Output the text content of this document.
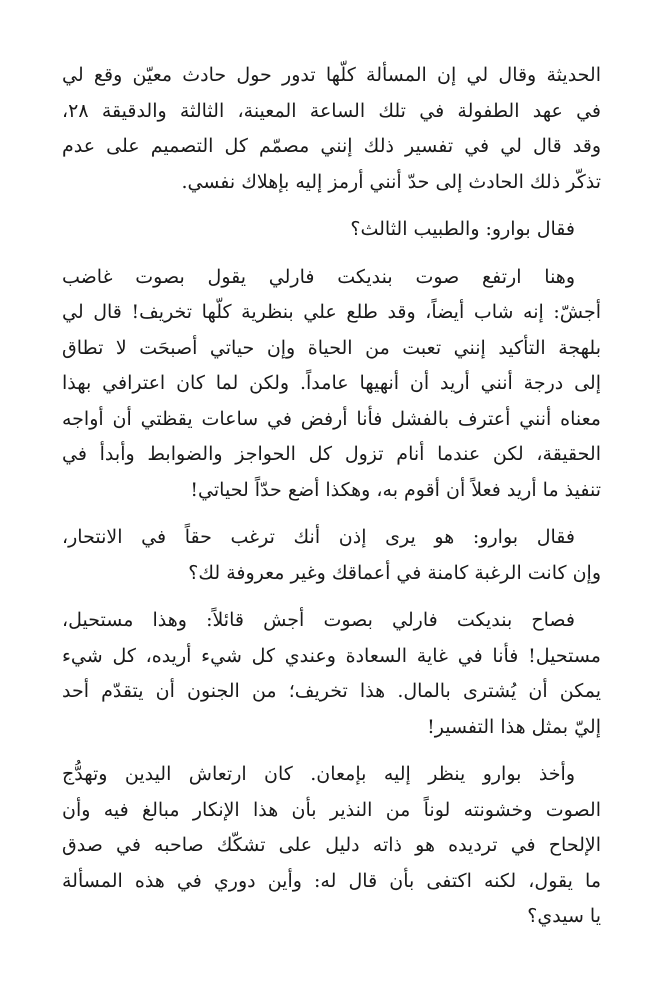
الحديثة وقال لي إن المسألة كلّها تدور حول حادث معيّن وقع لي
في عهد الطفولة في تلك الساعة المعينة، الثالثة والدقيقة ٢٨،
وقد قال لي في تفسير ذلك إنني مصمّم كل التصميم على عدم
تذكّر ذلك الحادث إلى حدّ أنني أرمز إليه بإهلاك نفسي.
فقال بوارو: والطبيب الثالث؟
وهنا ارتفع صوت بنديكت فارلي يقول بصوت غاضب
أجشّ: إنه شاب أيضاً، وقد طلع علي بنظرية كلّها تخريف! قال لي
بلهجة التأكيد إنني تعبت من الحياة وإن حياتي أصبحَت لا تطاق
إلى درجة أنني أريد أن أنهيها عامداً. ولكن لما كان اعترافي بهذا
معناه أنني أعترف بالفشل فأنا أرفض في ساعات يقظتي أن أواجه
الحقيقة، لكن عندما أنام تزول كل الحواجز والضوابط وأبدأ في
تنفيذ ما أريد فعلاً أن أقوم به، وهكذا أضع حدّاً لحياتي!
فقال بوارو: هو يرى إذن أنك ترغب حقاً في الانتحار،
وإن كانت الرغبة كامنة في أعماقك وغير معروفة لك؟
فصاح بنديكت فارلي بصوت أجش قائلاً: وهذا مستحيل،
مستحيل! فأنا في غاية السعادة وعندي كل شيء أريده، كل شيء
يمكن أن يُشترى بالمال. هذا تخريف؛ من الجنون أن يتقدّم أحد
إليّ بمثل هذا التفسير!
وأخذ بوارو ينظر إليه بإمعان. كان ارتعاش اليدين وتهدُّج
الصوت وخشونته لوناً من النذير بأن هذا الإنكار مبالغ فيه وأن
الإلحاح في ترديده هو ذاته دليل على تشكّك صاحبه في صدق
ما يقول، لكنه اكتفى بأن قال له: وأين دوري في هذه المسألة
يا سيدي؟
